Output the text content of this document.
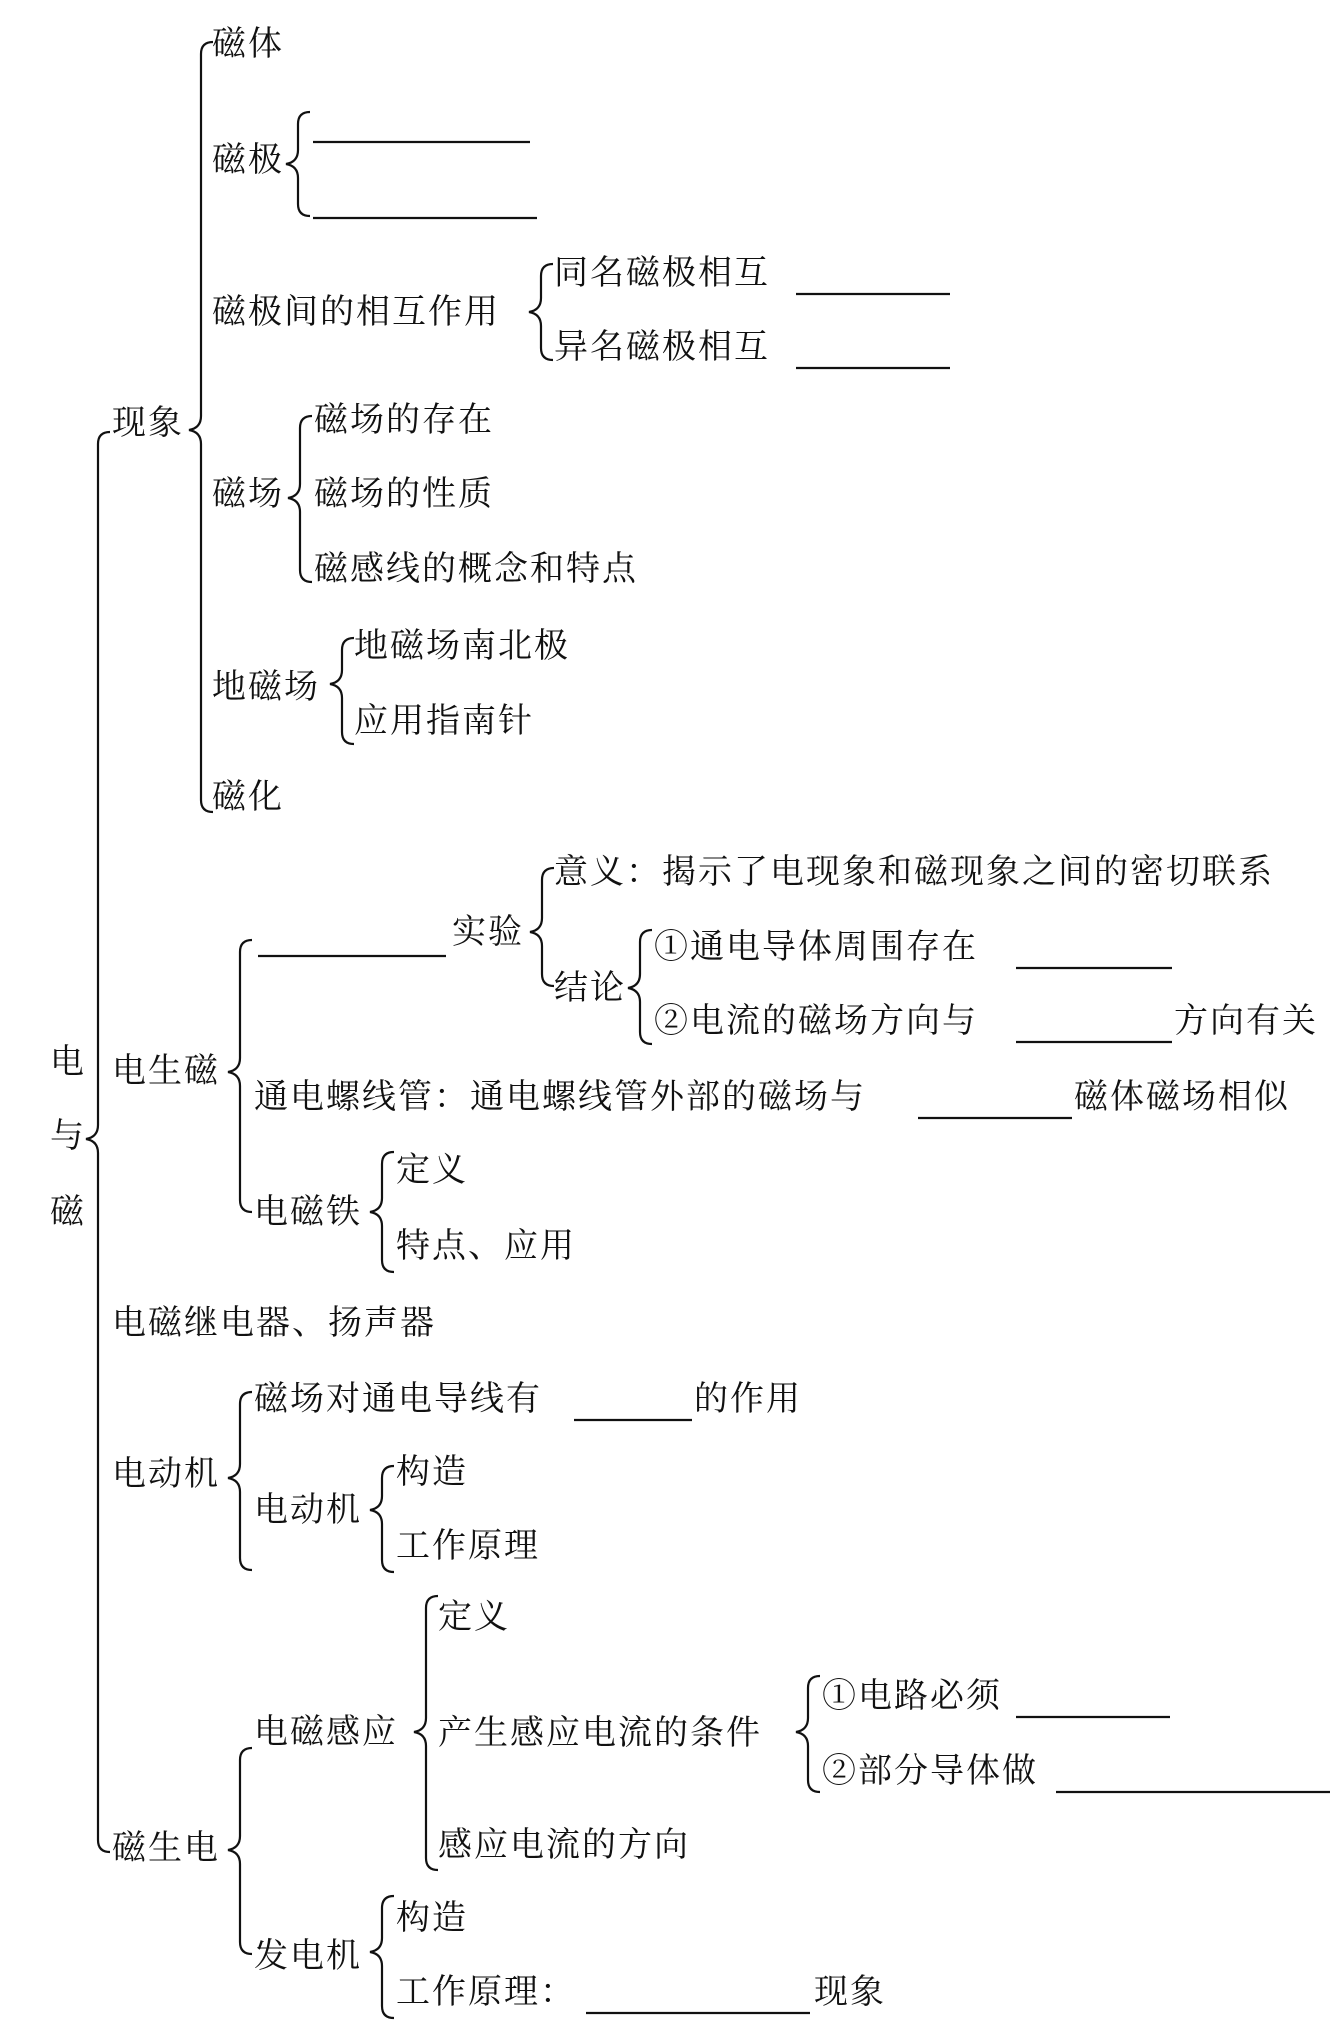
电
与
磁
现象
磁体
磁极
磁极间的相互作用
同名磁极相互
异名磁极相互
磁场
磁场的存在
磁场的性质
磁感线的概念和特点
地磁场
地磁场南北极
应用指南针
磁化
电生磁
实验
意义：揭示了电现象和磁现象之间的密切联系
结论
①通电导体周围存在
②电流的磁场方向与	方向有关
通电螺线管：通电螺线管外部的磁场与	磁体磁场相似
电磁铁
定义
特点、应用
电磁继电器、扬声器
电动机
磁场对通电导线有	的作用
电动机
构造
工作原理
磁生电
电磁感应
定义
产生感应电流的条件
①电路必须
②部分导体做
感应电流的方向
发电机
构造
工作原理：	现象
